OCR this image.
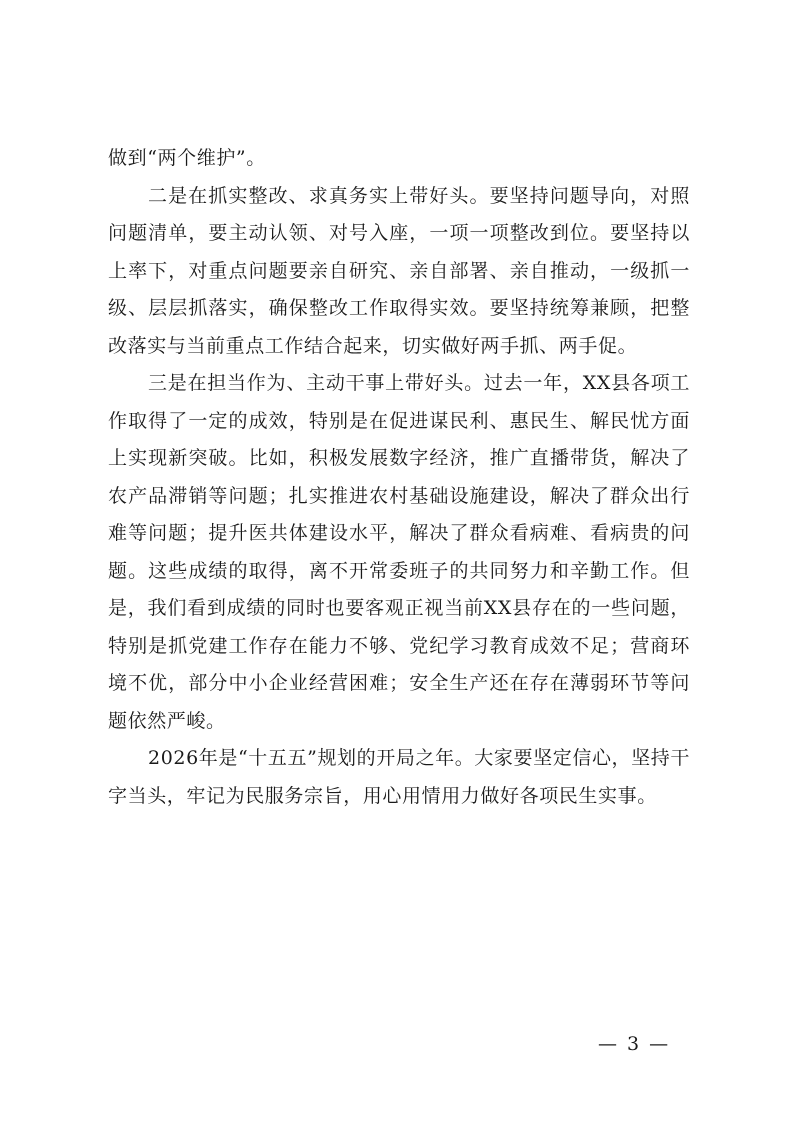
做到“两个维护”。

二是在抓实整改、求真务实上带好头。要坚持问题导向，对照问题清单，要主动认领、对号入座，一项一项整改到位。要坚持以上率下，对重点问题要亲自研究、亲自部署、亲自推动，一级抓一级、层层抓落实，确保整改工作取得实效。要坚持统筹兼顾，把整改落实与当前重点工作结合起来，切实做好两手抓、两手促。

三是在担当作为、主动干事上带好头。过去一年，XX县各项工作取得了一定的成效，特别是在促进谋民利、惠民生、解民忧方面上实现新突破。比如，积极发展数字经济，推广直播带货，解决了农产品滞销等问题；扎实推进农村基础设施建设，解决了群众出行难等问题；提升医共体建设水平，解决了群众看病难、看病贵的问题。这些成绩的取得，离不开常委班子的共同努力和辛勤工作。但是，我们看到成绩的同时也要客观正视当前XX县存在的一些问题，特别是抓党建工作存在能力不够、党纪学习教育成效不足；营商环境不优，部分中小企业经营困难；安全生产还在存在薄弱环节等问题依然严峻。

2026年是“十五五”规划的开局之年。大家要坚定信心，坚持干字当头，牢记为民服务宗旨，用心用情用力做好各项民生实事。

— 3 —
